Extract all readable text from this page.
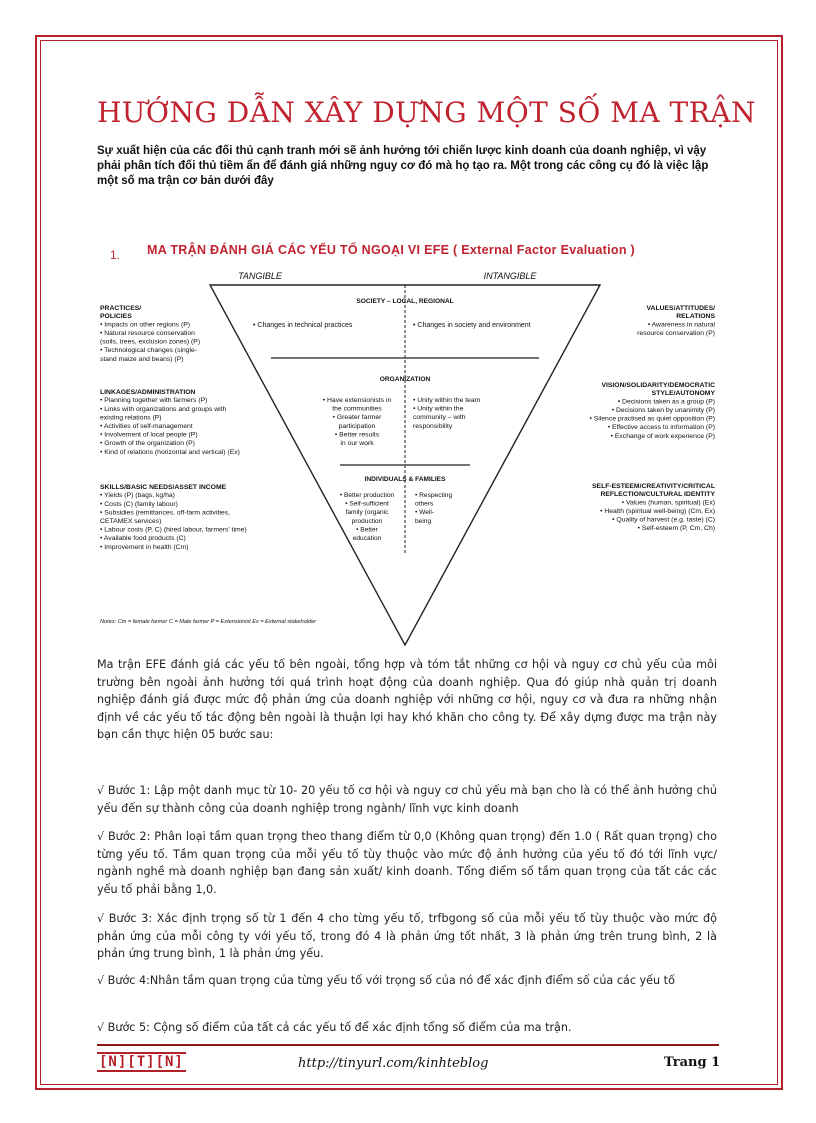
HƯỚNG DẪN XÂY DỰNG MỘT SỐ MA TRẬN
Sự xuất hiện của các đối thủ cạnh tranh mới sẽ ảnh hưởng tới chiến lược kinh doanh của doanh nghiệp, vì vậy phải phân tích đối thủ tiềm ẩn để đánh giá những nguy cơ đó mà họ tạo ra. Một trong các công cụ đó là việc lập một số ma trận cơ bản dưới đây
1. MA TRẬN ĐÁNH GIÁ CÁC YẾU TỐ NGOẠI VI EFE ( External Factor Evaluation )
TANGIBLE	INTANGIBLE
SOCIETY – LOCAL, REGIONAL
• Changes in technical practices	• Changes in society and environment
ORGANIZATION
• Have extensionists in
the communities
• Greater farmer
participation
• Better results
in our work
• Unity within the team
• Unity within the
community – with
responsibility
INDIVIDUALS & FAMILIES
• Better production
• Self-sufficient
family (organic
production
• Better
education
• Respecting
others
• Well-
being
PRACTICES/
POLICIES
• Impacts on other regions (P)
• Natural resource conservation
(soils, trees, exclusion zones) (P)
• Technological changes (single-
stand maize and beans) (P)
LINKAGES/ADMINISTRATION
• Planning together with farmers (P)
• Links with organizations and groups with
existing relations (P)
• Activities of self-management
• Involvement of local people (P)
• Growth of the organization (P)
• Kind of relations (horizontal and vertical) (Ex)
SKILLS/BASIC NEEDS/ASSET INCOME
• Yields (P) (bags, kg/ha)
• Costs (C) (family labour)
• Subsidies (remittances, off-farm activities,
CETAMEX services)
• Labour costs (P, C) (hired labour, farmers' time)
• Available food products (C)
• Improvement in health (Cm)
VALUES/ATTITUDES/
RELATIONS
• Awareness in natural
resource conservation (P)
VISION/SOLIDARITY/DEMOCRATIC
STYLE/AUTONOMY
• Decisions taken as a group (P)
• Decisions taken by unanimity (P)
• Silence practised as quiet opposition (P)
• Effective access to information (P)
• Exchange of work experience (P)
SELF-ESTEEM/CREATIVITY/CRITICAL
REFLECTION/CULTURAL IDENTITY
• Values (human, spiritual) (Ex)
• Health (spiritual well-being) (Cm, Ex)
• Quality of harvest (e.g. taste) (C)
• Self-esteem (P, Cm, Ch)
Notes: Cm = female farmer C = Male farmer P = Extensionist Ex = External stakeholder
Ma trận EFE đánh giá các yếu tố bên ngoài, tổng hợp và tóm tắt những cơ hội và nguy cơ chủ yếu của môi trường bên ngoài ảnh hưởng tới quá trình hoạt động của doanh nghiệp. Qua đó giúp nhà quản trị doanh nghiệp đánh giá được mức độ phản ứng của doanh nghiệp với những cơ hội, nguy cơ và đưa ra những nhận định về các yếu tố tác động bên ngoài là thuận lợi hay khó khăn cho công ty. Để xây dựng được ma trận này bạn cần thực hiện 05 bước sau:
√ Bước 1: Lập một danh mục từ 10- 20 yếu tố cơ hội và nguy cơ chủ yếu mà bạn cho là có thể ảnh hưởng chủ yếu đến sự thành công của doanh nghiệp trong ngành/ lĩnh vực kinh doanh
√ Bước 2: Phân loại tầm quan trọng theo thang điểm từ 0,0 (Không quan trọng) đến 1.0 ( Rất quan trọng) cho từng yếu tố. Tầm quan trọng của mỗi yếu tố tùy thuộc vào mức độ ảnh hưởng của yếu tố đó tới lĩnh vực/ ngành nghề mà doanh nghiệp bạn đang sản xuất/ kinh doanh. Tổng điểm số tầm quan trọng của tất các các yếu tố phải bằng 1,0.
√ Bước 3: Xác định trọng số từ 1 đến 4 cho từng yếu tố, trfbgong số của mỗi yếu tố tùy thuộc vào mức độ phản ứng của mỗi công ty với yếu tố, trong đó 4 là phản ứng tốt nhất, 3 là phản ứng trên trung bình, 2 là phản ứng trung bình, 1 là phản ứng yếu.
√ Bước 4:Nhân tầm quan trọng của từng yếu tố với trọng số của nó để xác định điểm số của các yếu tố
√ Bước 5: Cộng số điểm của tất cả các yếu tố để xác định tổng số điểm của ma trận.
[N][T][N]	http://tinyurl.com/kinhteblog	Trang 1
